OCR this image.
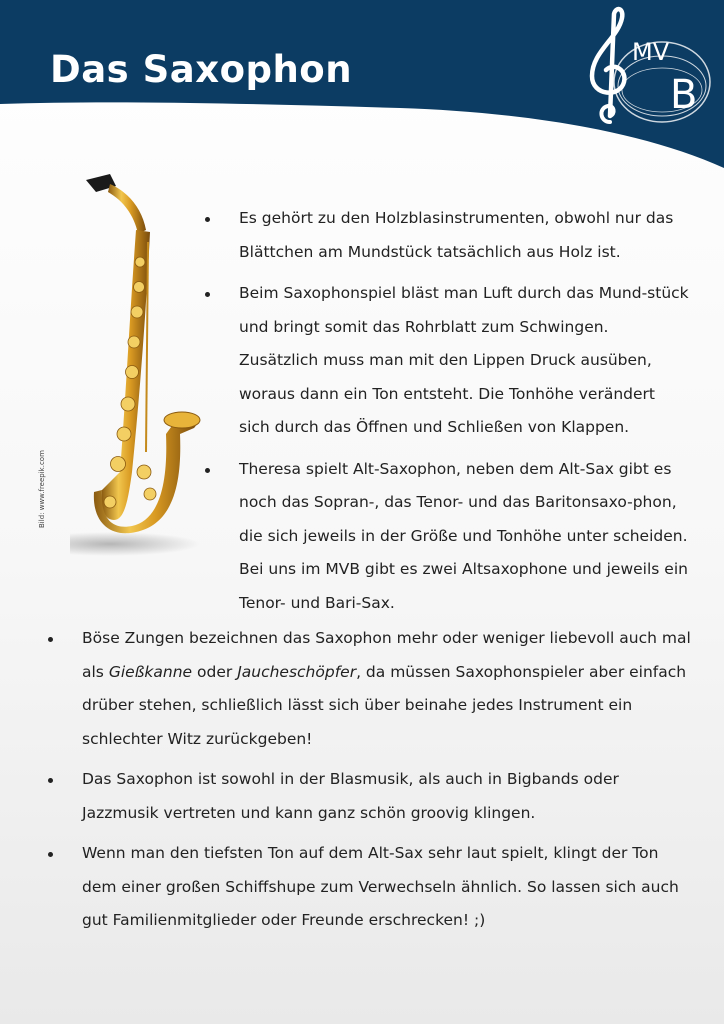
Das Saxophon	MV
B
Bild: www.freepik.com
Es gehört zu den Holzblasinstrumenten, obwohl nur das Blättchen am Mundstück tatsächlich aus Holz ist.
Beim Saxophonspiel bläst man Luft durch das Mund-stück und bringt somit das Rohrblatt zum Schwingen. Zusätzlich muss man mit den Lippen Druck ausüben, woraus dann ein Ton entsteht. Die Tonhöhe verändert sich durch das Öffnen und Schließen von Klappen.
Theresa spielt Alt-Saxophon, neben dem Alt-Sax gibt es noch das Sopran-, das Tenor- und das Baritonsaxo-phon, die sich jeweils in der Größe und Tonhöhe unter scheiden. Bei uns im MVB gibt es zwei Altsaxophone und jeweils ein Tenor- und Bari-Sax.
Böse Zungen bezeichnen das Saxophon mehr oder weniger liebevoll auch mal als Gießkanne oder Jaucheschöpfer, da müssen Saxophonspieler aber einfach drüber stehen, schließlich lässt sich über beinahe jedes Instrument ein schlechter Witz zurückgeben!
Das Saxophon ist sowohl in der Blasmusik, als auch in Bigbands oder Jazzmusik vertreten und kann ganz schön groovig klingen.
Wenn man den tiefsten Ton auf dem Alt-Sax sehr laut spielt, klingt der Ton dem einer großen Schiffshupe zum Verwechseln ähnlich. So lassen sich auch gut Familienmitglieder oder Freunde erschrecken! ;)
